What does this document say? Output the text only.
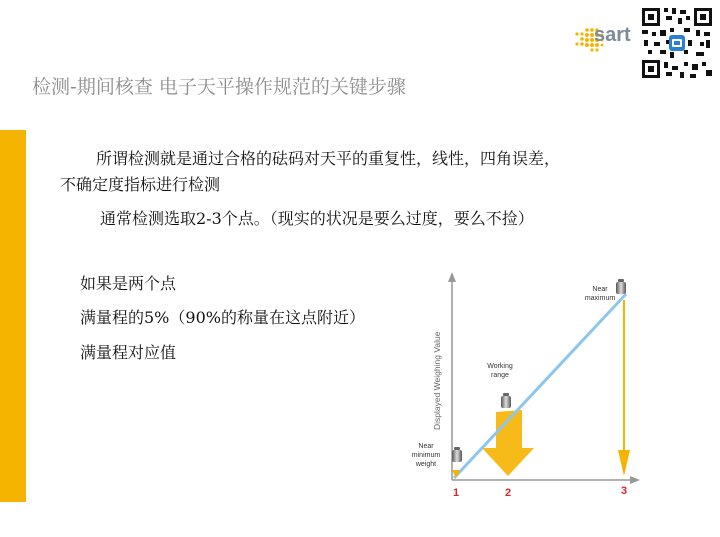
检测-期间核查 电子天平操作规范的关键步骤
sart
所谓检测就是通过合格的砝码对天平的重复性，线性，四角误差，
不确定度指标进行检测
通常检测选取2-3个点。（现实的状况是要么过度，要么不捡）
如果是两个点
满量程的5%（90%的称量在这点附近）
满量程对应值	Displayed Weighing Value
Near
maximum
Working
range
Near
minimum
weight
1	2	3
